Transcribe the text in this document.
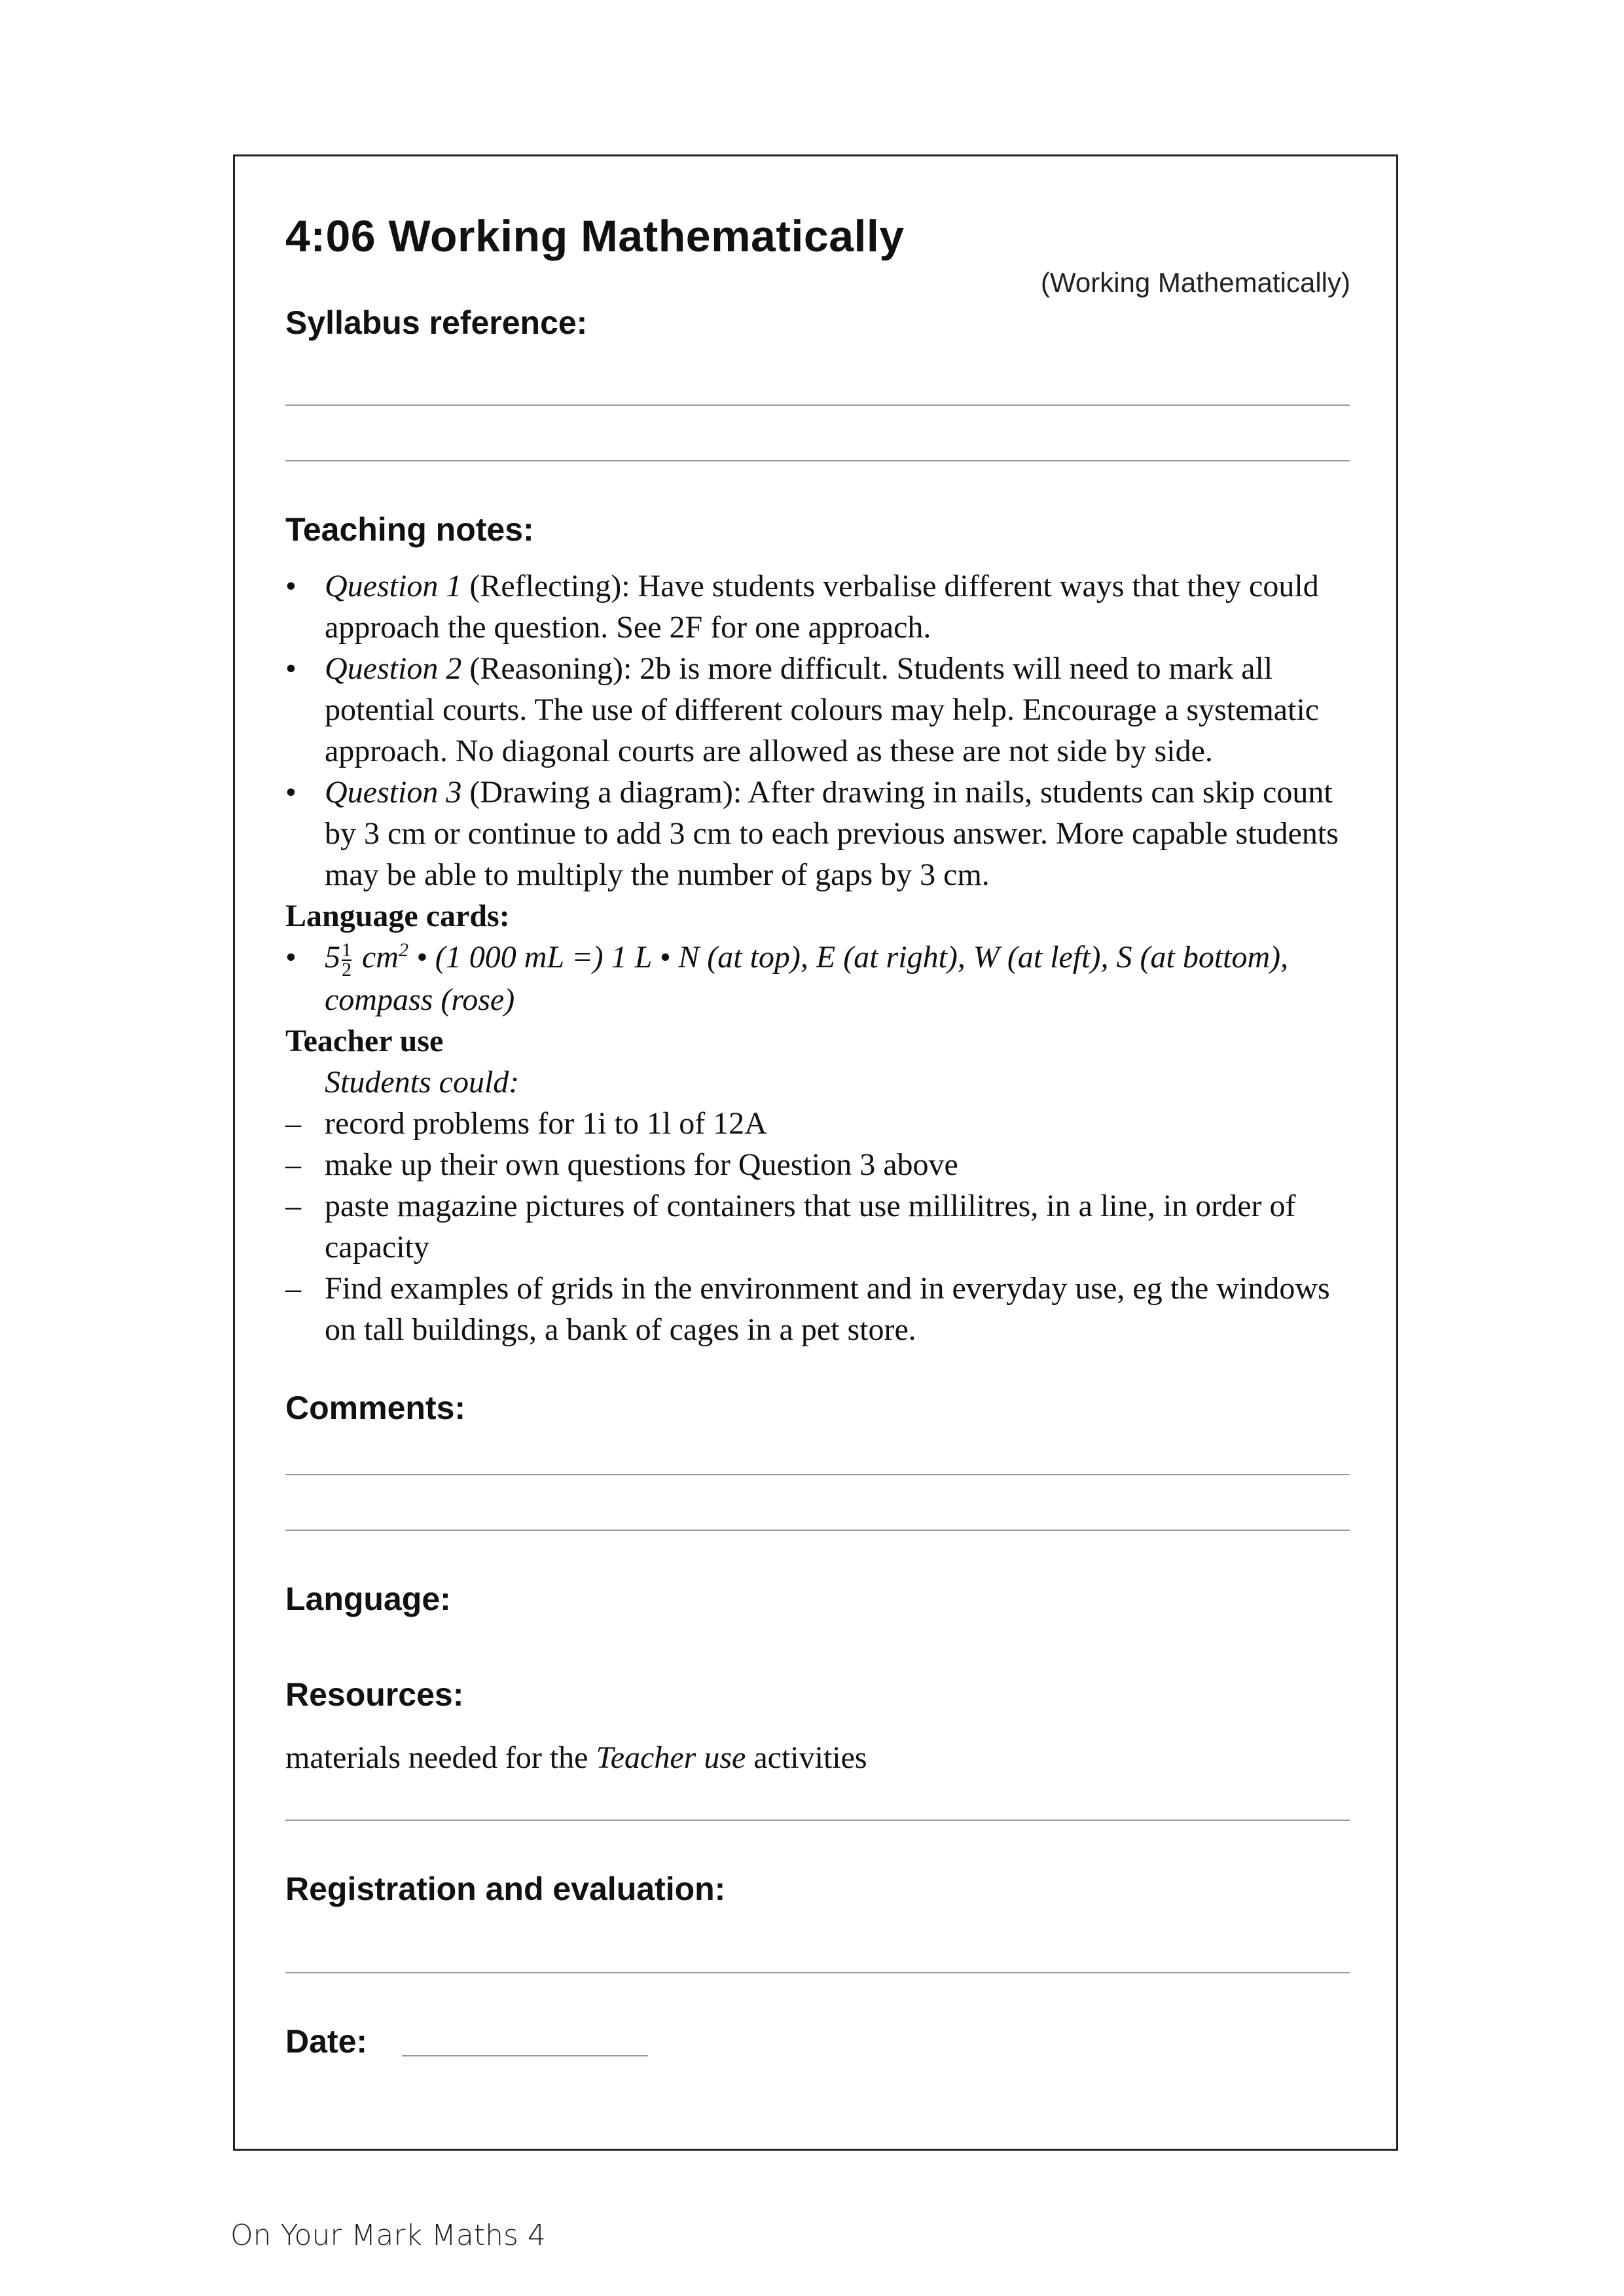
4:06 Working Mathematically
(Working Mathematically)
Syllabus reference:
Teaching notes:
• Question 1 (Reflecting): Have students verbalise different ways that they could approach the question. See 2F for one approach.
• Question 2 (Reasoning): 2b is more difficult. Students will need to mark all potential courts. The use of different colours may help. Encourage a systematic approach. No diagonal courts are allowed as these are not side by side.
• Question 3 (Drawing a diagram): After drawing in nails, students can skip count by 3 cm or continue to add 3 cm to each previous answer. More capable students may be able to multiply the number of gaps by 3 cm.
Language cards:
• $5 \frac{1}{2} cm^2$ • (1 000 mL =) 1 L • N (at top), E (at right), W (at left), S (at bottom), compass (rose)
Teacher use
Students could:
– record problems for 1i to 1l of 12A
– make up their own questions for Question 3 above
– paste magazine pictures of containers that use millilitres, in a line, in order of capacity
– Find examples of grids in the environment and in everyday use, eg the windows on tall buildings, a bank of cages in a pet store.
Comments:
Language:
Resources:
materials needed for the Teacher use activities
Registration and evaluation:
Date:
On Your Mark Maths 4
